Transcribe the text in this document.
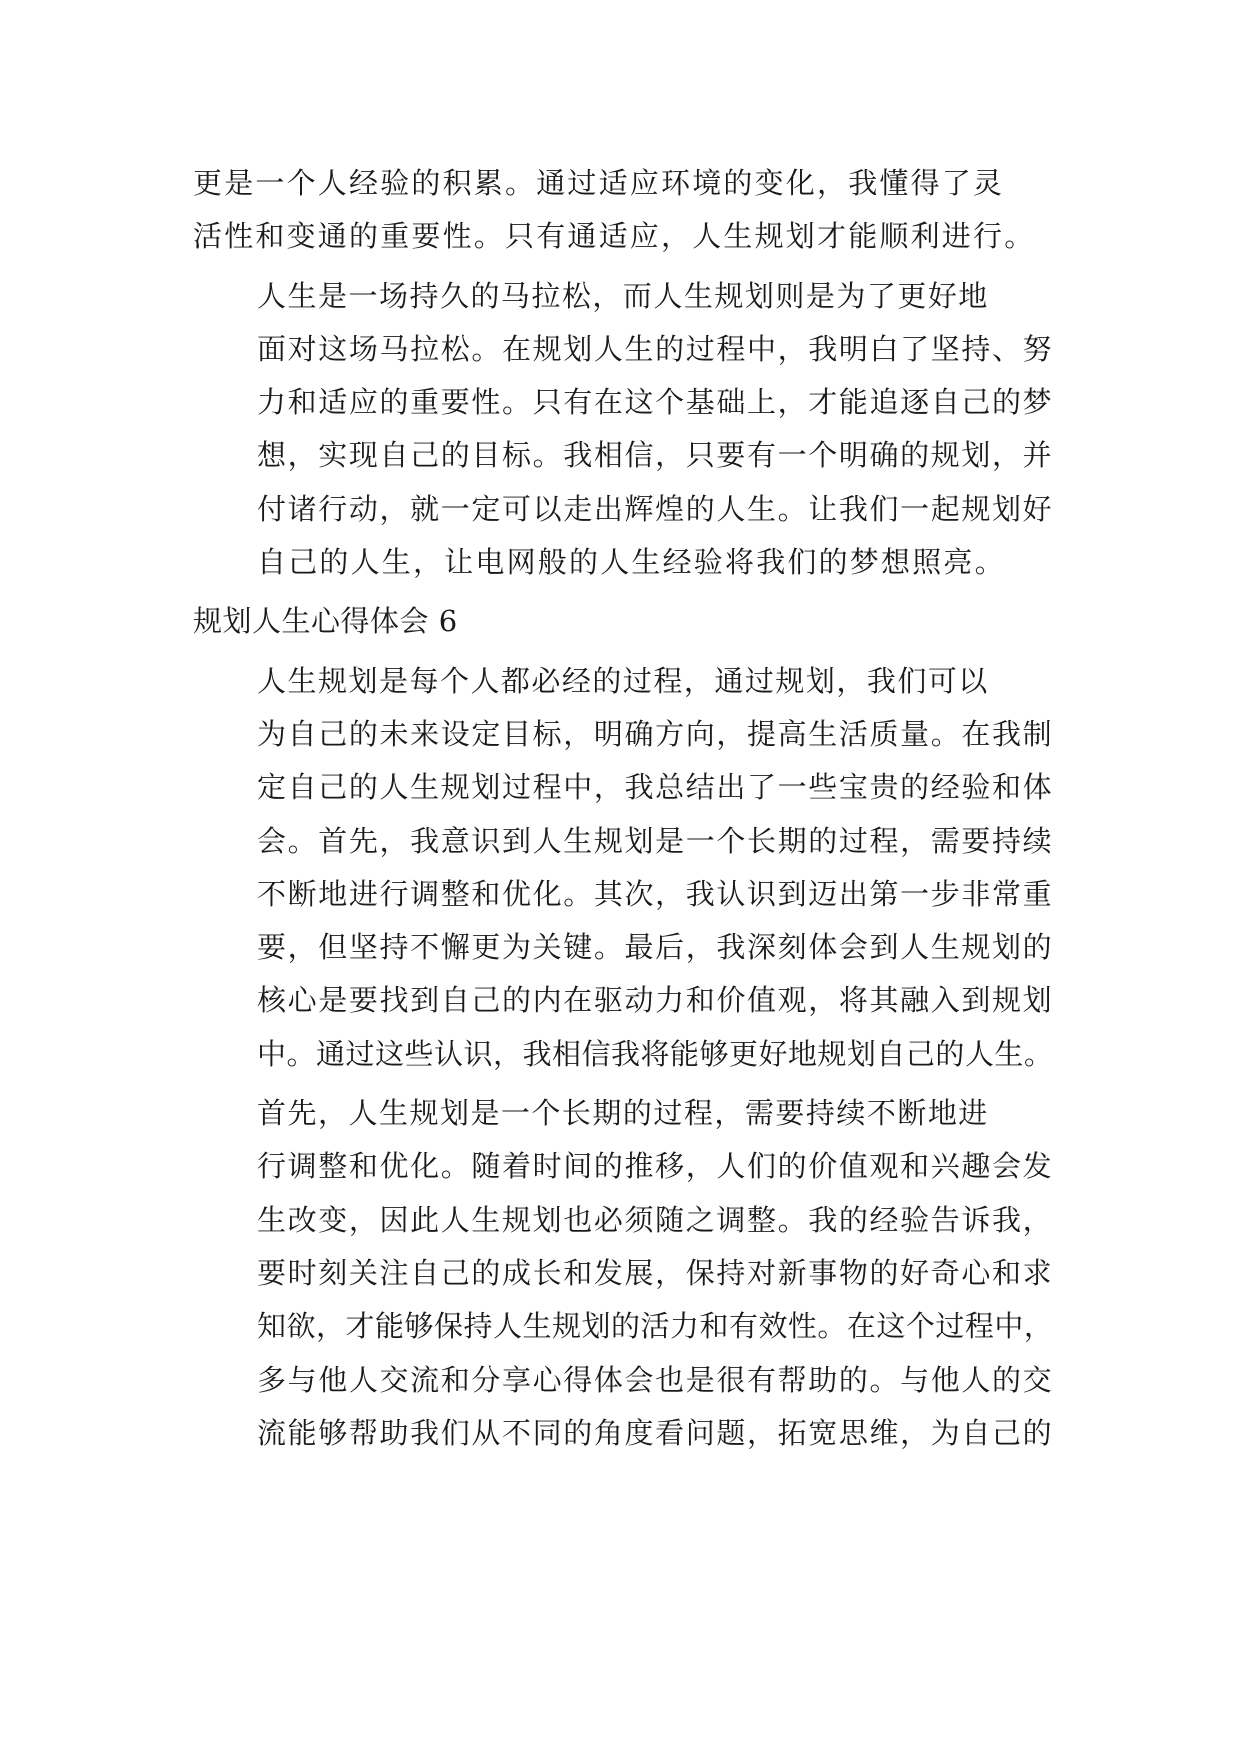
更是一个人经验的积累。通过适应环境的变化，我懂得了灵
活性和变通的重要性。只有通适应，人生规划才能顺利进行。

人生是一场持久的马拉松，而人生规划则是为了更好地
面对这场马拉松。在规划人生的过程中，我明白了坚持、努
力和适应的重要性。只有在这个基础上，才能追逐自己的梦
想，实现自己的目标。我相信，只要有一个明确的规划，并
付诸行动，就一定可以走出辉煌的人生。让我们一起规划好
自己的人生，让电网般的人生经验将我们的梦想照亮。

规划人生心得体会 6

人生规划是每个人都必经的过程，通过规划，我们可以
为自己的未来设定目标，明确方向，提高生活质量。在我制
定自己的人生规划过程中，我总结出了一些宝贵的经验和体
会。首先，我意识到人生规划是一个长期的过程，需要持续
不断地进行调整和优化。其次，我认识到迈出第一步非常重
要，但坚持不懈更为关键。最后，我深刻体会到人生规划的
核心是要找到自己的内在驱动力和价值观，将其融入到规划
中。通过这些认识，我相信我将能够更好地规划自己的人生。

首先，人生规划是一个长期的过程，需要持续不断地进
行调整和优化。随着时间的推移，人们的价值观和兴趣会发
生改变，因此人生规划也必须随之调整。我的经验告诉我，
要时刻关注自己的成长和发展，保持对新事物的好奇心和求
知欲，才能够保持人生规划的活力和有效性。在这个过程中，
多与他人交流和分享心得体会也是很有帮助的。与他人的交
流能够帮助我们从不同的角度看问题，拓宽思维，为自己的
